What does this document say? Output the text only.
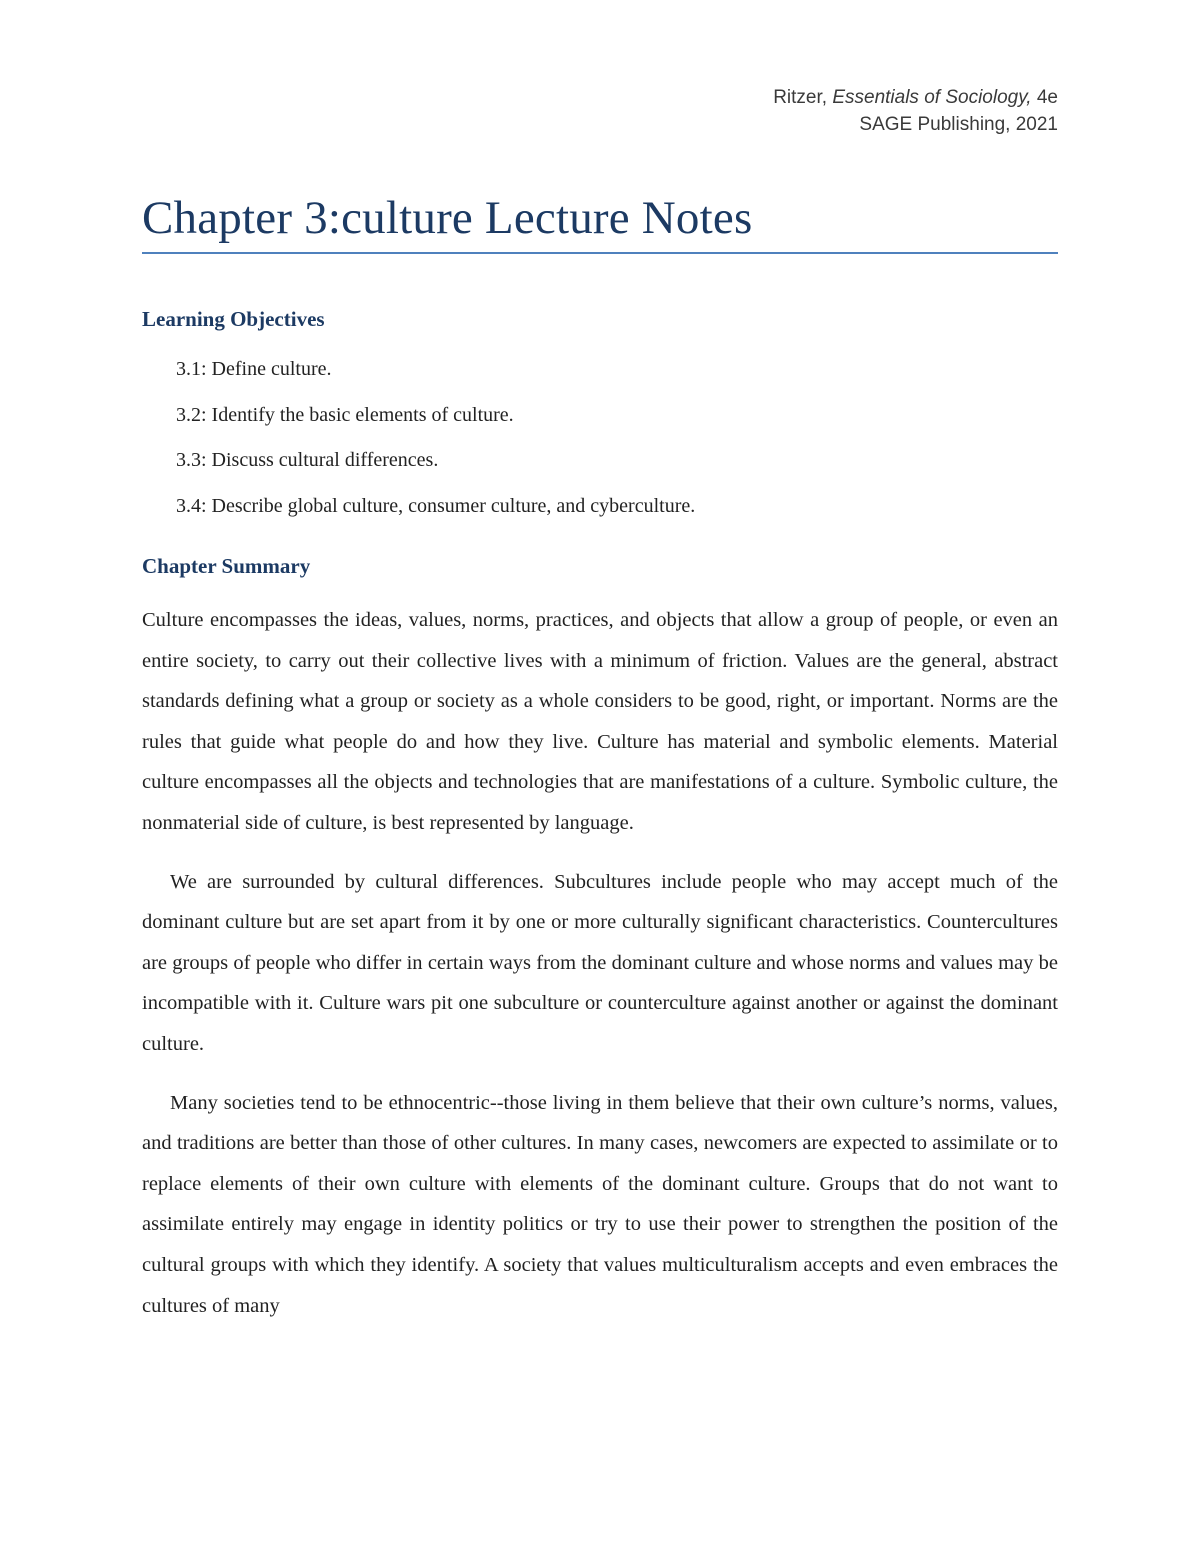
Ritzer, Essentials of Sociology, 4e
SAGE Publishing, 2021
Chapter 3:culture Lecture Notes
Learning Objectives
3.1: Define culture.
3.2: Identify the basic elements of culture.
3.3: Discuss cultural differences.
3.4: Describe global culture, consumer culture, and cyberculture.
Chapter Summary

Culture encompasses the ideas, values, norms, practices, and objects that allow a group of people, or even an entire society, to carry out their collective lives with a minimum of friction. Values are the general, abstract standards defining what a group or society as a whole considers to be good, right, or important. Norms are the rules that guide what people do and how they live. Culture has material and symbolic elements. Material culture encompasses all the objects and technologies that are manifestations of a culture. Symbolic culture, the nonmaterial side of culture, is best represented by language.

We are surrounded by cultural differences. Subcultures include people who may accept much of the dominant culture but are set apart from it by one or more culturally significant characteristics. Countercultures are groups of people who differ in certain ways from the dominant culture and whose norms and values may be incompatible with it. Culture wars pit one subculture or counterculture against another or against the dominant culture.

Many societies tend to be ethnocentric--those living in them believe that their own culture’s norms, values, and traditions are better than those of other cultures. In many cases, newcomers are expected to assimilate or to replace elements of their own culture with elements of the dominant culture. Groups that do not want to assimilate entirely may engage in identity politics or try to use their power to strengthen the position of the cultural groups with which they identify. A society that values multiculturalism accepts and even embraces the cultures of many
